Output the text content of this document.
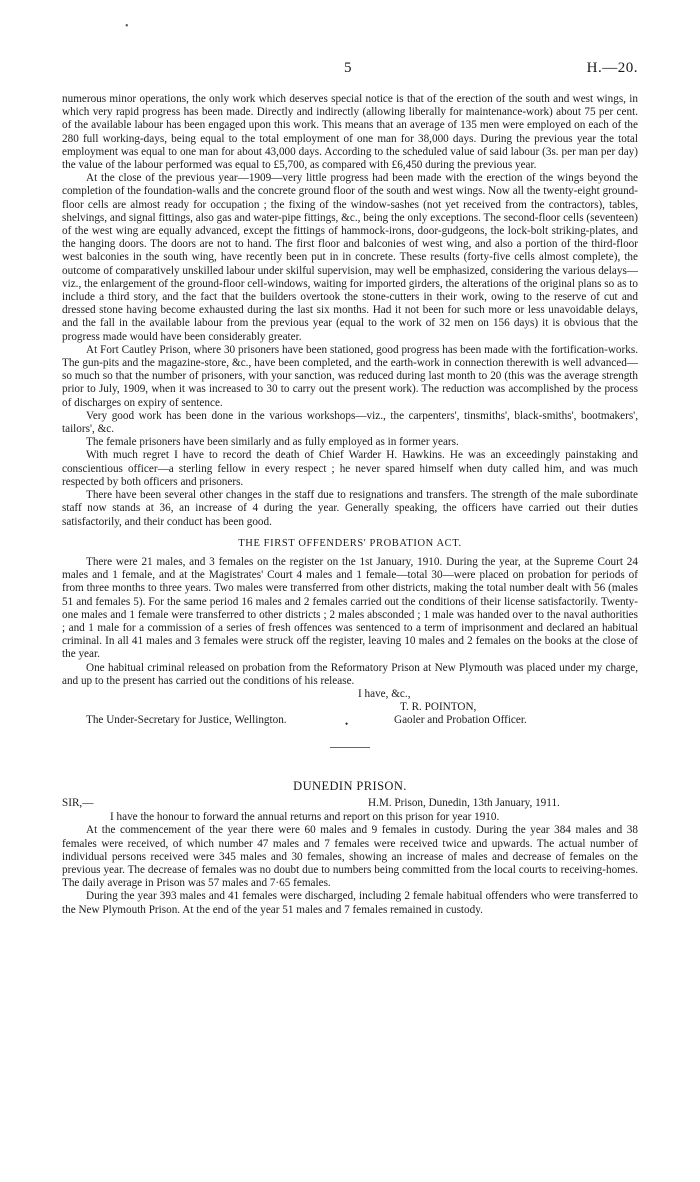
•
5	H.—20.

numerous minor operations, the only work which deserves special notice is that of the erection of the south and west wings, in which very rapid progress has been made. Directly and indirectly (allowing liberally for maintenance-work) about 75 per cent. of the available labour has been engaged upon this work. This means that an average of 135 men were employed on each of the 280 full working-days, being equal to the total employment of one man for 38,000 days. During the previous year the total employment was equal to one man for about 43,000 days. According to the scheduled value of said labour (3s. per man per day) the value of the labour performed was equal to £5,700, as compared with £6,450 during the previous year.

At the close of the previous year—1909—very little progress had been made with the erection of the wings beyond the completion of the foundation-walls and the concrete ground floor of the south and west wings. Now all the twenty-eight ground-floor cells are almost ready for occupation ; the fixing of the window-sashes (not yet received from the contractors), tables, shelvings, and signal fittings, also gas and water-pipe fittings, &c., being the only exceptions. The second-floor cells (seventeen) of the west wing are equally advanced, except the fittings of hammock-irons, door-gudgeons, the lock-bolt striking-plates, and the hanging doors. The doors are not to hand. The first floor and balconies of west wing, and also a portion of the third-floor west balconies in the south wing, have recently been put in in concrete. These results (forty-five cells almost complete), the outcome of comparatively unskilled labour under skilful supervision, may well be emphasized, considering the various delays—viz., the enlargement of the ground-floor cell-windows, waiting for imported girders, the alterations of the original plans so as to include a third story, and the fact that the builders overtook the stone-cutters in their work, owing to the reserve of cut and dressed stone having become exhausted during the last six months. Had it not been for such more or less unavoidable delays, and the fall in the available labour from the previous year (equal to the work of 32 men on 156 days) it is obvious that the progress made would have been considerably greater.

At Fort Cautley Prison, where 30 prisoners have been stationed, good progress has been made with the fortification-works. The gun-pits and the magazine-store, &c., have been completed, and the earth-work in connection therewith is well advanced—so much so that the number of prisoners, with your sanction, was reduced during last month to 20 (this was the average strength prior to July, 1909, when it was increased to 30 to carry out the present work). The reduction was accomplished by the process of discharges on expiry of sentence.

Very good work has been done in the various workshops—viz., the carpenters', tinsmiths', black-smiths', bootmakers', tailors', &c.

The female prisoners have been similarly and as fully employed as in former years.

With much regret I have to record the death of Chief Warder H. Hawkins. He was an exceedingly painstaking and conscientious officer—a sterling fellow in every respect ; he never spared himself when duty called him, and was much respected by both officers and prisoners.

There have been several other changes in the staff due to resignations and transfers. The strength of the male subordinate staff now stands at 36, an increase of 4 during the year. Generally speaking, the officers have carried out their duties satisfactorily, and their conduct has been good.

THE FIRST OFFENDERS' PROBATION ACT.

There were 21 males, and 3 females on the register on the 1st January, 1910. During the year, at the Supreme Court 24 males and 1 female, and at the Magistrates' Court 4 males and 1 female—total 30—were placed on probation for periods of from three months to three years. Two males were transferred from other districts, making the total number dealt with 56 (males 51 and females 5). For the same period 16 males and 2 females carried out the conditions of their license satisfactorily. Twenty-one males and 1 female were transferred to other districts ; 2 males absconded ; 1 male was handed over to the naval authorities ; and 1 male for a commission of a series of fresh offences was sentenced to a term of imprisonment and declared an habitual criminal. In all 41 males and 3 females were struck off the register, leaving 10 males and 2 females on the books at the close of the year.

One habitual criminal released on probation from the Reformatory Prison at New Plymouth was placed under my charge, and up to the present has carried out the conditions of his release.

I have, &c.,
T. R. POINTON,
The Under-Secretary for Justice, Wellington.	•	Gaoler and Probation Officer.
DUNEDIN PRISON.
SIR,—	H.M. Prison, Dunedin, 13th January, 1911.

I have the honour to forward the annual returns and report on this prison for year 1910.

At the commencement of the year there were 60 males and 9 females in custody. During the year 384 males and 38 females were received, of which number 47 males and 7 females were received twice and upwards. The actual number of individual persons received were 345 males and 30 females, showing an increase of males and decrease of females on the previous year. The decrease of females was no doubt due to numbers being committed from the local courts to receiving-homes. The daily average in Prison was 57 males and 7·65 females.

During the year 393 males and 41 females were discharged, including 2 female habitual offenders who were transferred to the New Plymouth Prison. At the end of the year 51 males and 7 females remained in custody.
